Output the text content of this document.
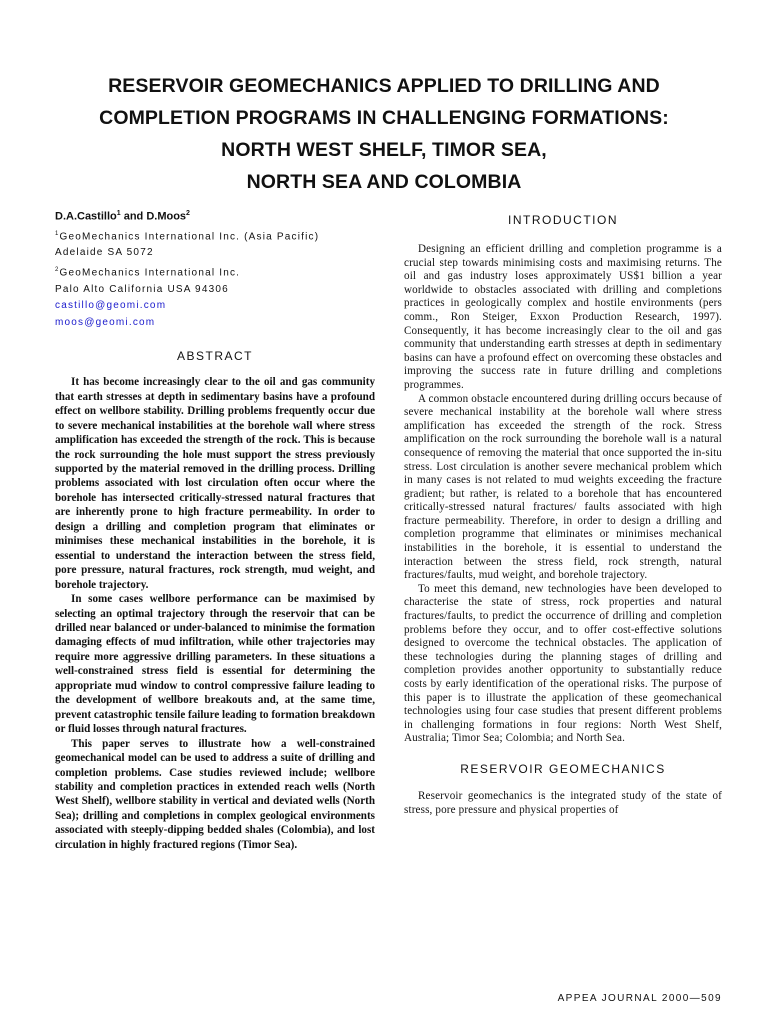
RESERVOIR GEOMECHANICS APPLIED TO DRILLING AND
COMPLETION PROGRAMS IN CHALLENGING FORMATIONS:
NORTH WEST SHELF, TIMOR SEA,
NORTH SEA AND COLOMBIA
D.A.Castillo$^1$ and D.Moos$^2$
$^1$GeoMechanics International Inc. (Asia Pacific)
Adelaide SA 5072
$^2$GeoMechanics International Inc.
Palo Alto California USA 94306
castillo@geomi.com
moos@geomi.com
ABSTRACT

It has become increasingly clear to the oil and gas community that earth stresses at depth in sedimentary basins have a profound effect on wellbore stability. Drilling problems frequently occur due to severe mechanical instabilities at the borehole wall where stress amplification has exceeded the strength of the rock. This is because the rock surrounding the hole must support the stress previously supported by the material removed in the drilling process. Drilling problems associated with lost circulation often occur where the borehole has intersected critically-stressed natural fractures that are inherently prone to high fracture permeability. In order to design a drilling and completion program that eliminates or minimises these mechanical instabilities in the borehole, it is essential to understand the interaction between the stress field, pore pressure, natural fractures, rock strength, mud weight, and borehole trajectory.

In some cases wellbore performance can be maximised by selecting an optimal trajectory through the reservoir that can be drilled near balanced or under-balanced to minimise the formation damaging effects of mud infiltration, while other trajectories may require more aggressive drilling parameters. In these situations a well-constrained stress field is essential for determining the appropriate mud window to control compressive failure leading to the development of wellbore breakouts and, at the same time, prevent catastrophic tensile failure leading to formation breakdown or fluid losses through natural fractures.

This paper serves to illustrate how a well-constrained geomechanical model can be used to address a suite of drilling and completion problems. Case studies reviewed include; wellbore stability and completion practices in extended reach wells (North West Shelf), wellbore stability in vertical and deviated wells (North Sea); drilling and completions in complex geological environments associated with steeply-dipping bedded shales (Colombia), and lost circulation in highly fractured regions (Timor Sea).

INTRODUCTION

Designing an efficient drilling and completion programme is a crucial step towards minimising costs and maximising returns. The oil and gas industry loses approximately US$1 billion a year worldwide to obstacles associated with drilling and completions practices in geologically complex and hostile environments (pers comm., Ron Steiger, Exxon Production Research, 1997). Consequently, it has become increasingly clear to the oil and gas community that understanding earth stresses at depth in sedimentary basins can have a profound effect on overcoming these obstacles and improving the success rate in future drilling and completions programmes.

A common obstacle encountered during drilling occurs because of severe mechanical instability at the borehole wall where stress amplification has exceeded the strength of the rock. Stress amplification on the rock surrounding the borehole wall is a natural consequence of removing the material that once supported the in-situ stress. Lost circulation is another severe mechanical problem which in many cases is not related to mud weights exceeding the fracture gradient; but rather, is related to a borehole that has encountered critically-stressed natural fractures/ faults associated with high fracture permeability. Therefore, in order to design a drilling and completion programme that eliminates or minimises mechanical instabilities in the borehole, it is essential to understand the interaction between the stress field, rock strength, natural fractures/faults, mud weight, and borehole trajectory.

To meet this demand, new technologies have been developed to characterise the state of stress, rock properties and natural fractures/faults, to predict the occurrence of drilling and completion problems before they occur, and to offer cost-effective solutions designed to overcome the technical obstacles. The application of these technologies during the planning stages of drilling and completion provides another opportunity to substantially reduce costs by early identification of the operational risks. The purpose of this paper is to illustrate the application of these geomechanical technologies using four case studies that present different problems in challenging formations in four regions: North West Shelf, Australia; Timor Sea; Colombia; and North Sea.

RESERVOIR GEOMECHANICS

Reservoir geomechanics is the integrated study of the state of stress, pore pressure and physical properties of

APPEA JOURNAL 2000—509
